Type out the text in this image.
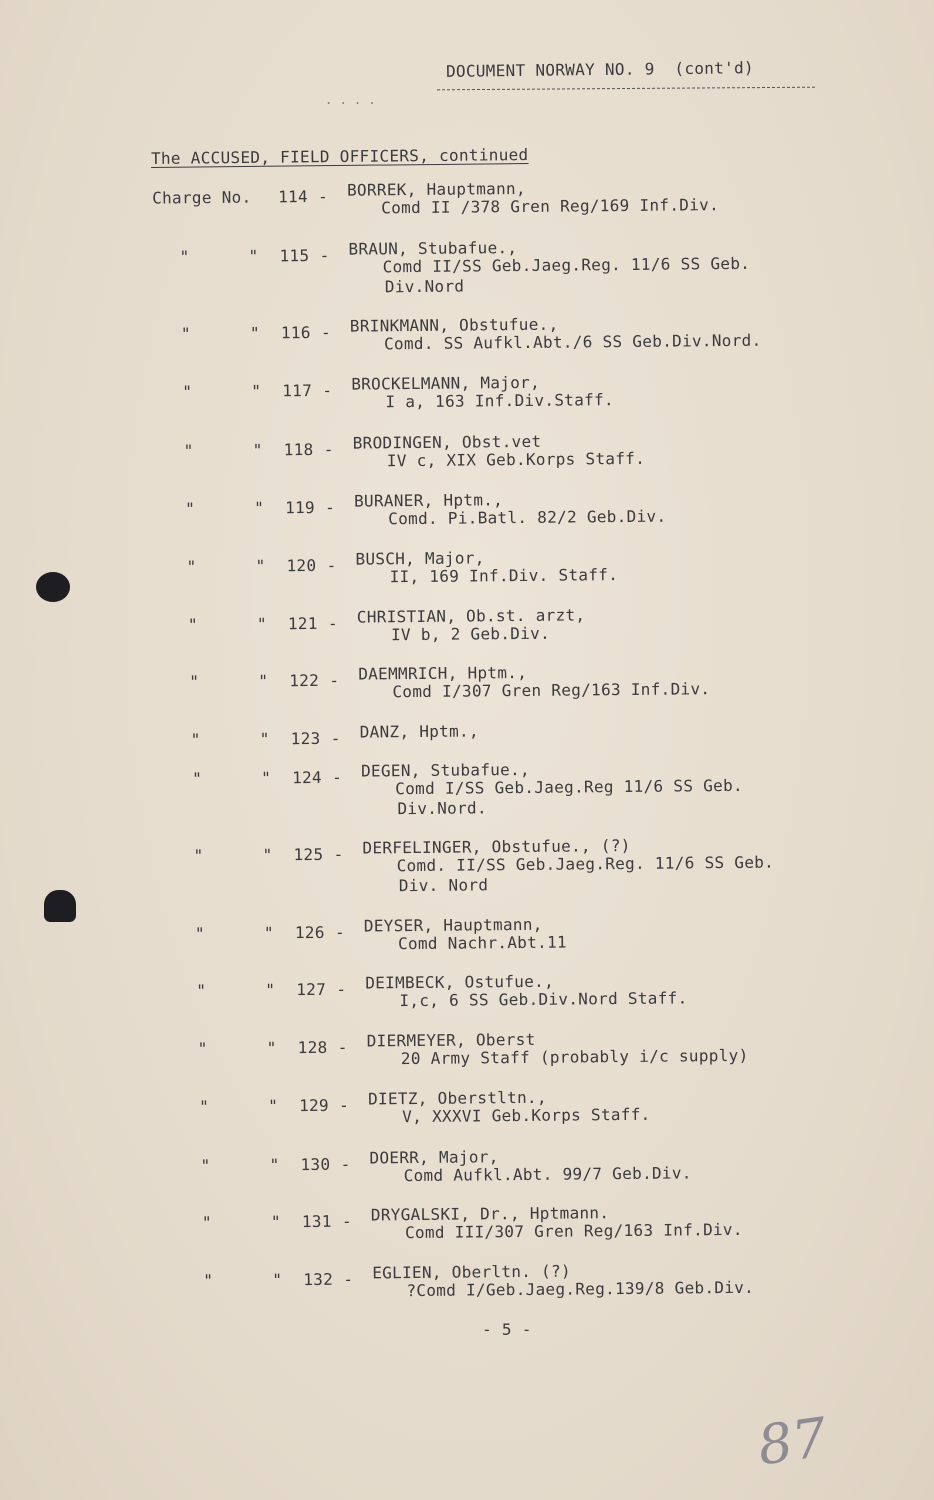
. . . .
DOCUMENT NORWAY NO. 9  (cont'd)
The ACCUSED, FIELD OFFICERS, continued
Charge No. 114 - BORREK, Hauptmann,
Comd II /378 Gren Reg/169 Inf.Div.
"	" 115 - BRAUN, Stubafue.,
Comd II/SS Geb.Jaeg.Reg. 11/6 SS Geb.
Div.Nord
"	" 116 - BRINKMANN, Obstufue.,
Comd. SS Aufkl.Abt./6 SS Geb.Div.Nord.
"	" 117 - BROCKELMANN, Major,
I a, 163 Inf.Div.Staff.
"	" 118 - BRODINGEN, Obst.vet
IV c, XIX Geb.Korps Staff.
"	" 119 - BURANER, Hptm.,
Comd. Pi.Batl. 82/2 Geb.Div.
"	" 120 - BUSCH, Major,
II, 169 Inf.Div. Staff.
"	" 121 - CHRISTIAN, Ob.st. arzt,
IV b, 2 Geb.Div.
"	" 122 - DAEMMRICH, Hptm.,
Comd I/307 Gren Reg/163 Inf.Div.
"	" 123 - DANZ, Hptm.,
"	" 124 - DEGEN, Stubafue.,
Comd I/SS Geb.Jaeg.Reg 11/6 SS Geb.
Div.Nord.
"	" 125 - DERFELINGER, Obstufue., (?)
Comd. II/SS Geb.Jaeg.Reg. 11/6 SS Geb.
Div. Nord
"	" 126 - DEYSER, Hauptmann,
Comd Nachr.Abt.11
"	" 127 - DEIMBECK, Ostufue.,
I,c, 6 SS Geb.Div.Nord Staff.
"	" 128 - DIERMEYER, Oberst
20 Army Staff (probably i/c supply)
"	" 129 - DIETZ, Oberstltn.,
V, XXXVI Geb.Korps Staff.
"	" 130 - DOERR, Major,
Comd Aufkl.Abt. 99/7 Geb.Div.
"	" 131 - DRYGALSKI, Dr., Hptmann.
Comd III/307 Gren Reg/163 Inf.Div.
"	" 132 - EGLIEN, Oberltn. (?)
?Comd I/Geb.Jaeg.Reg.139/8 Geb.Div.
- 5 -
87
